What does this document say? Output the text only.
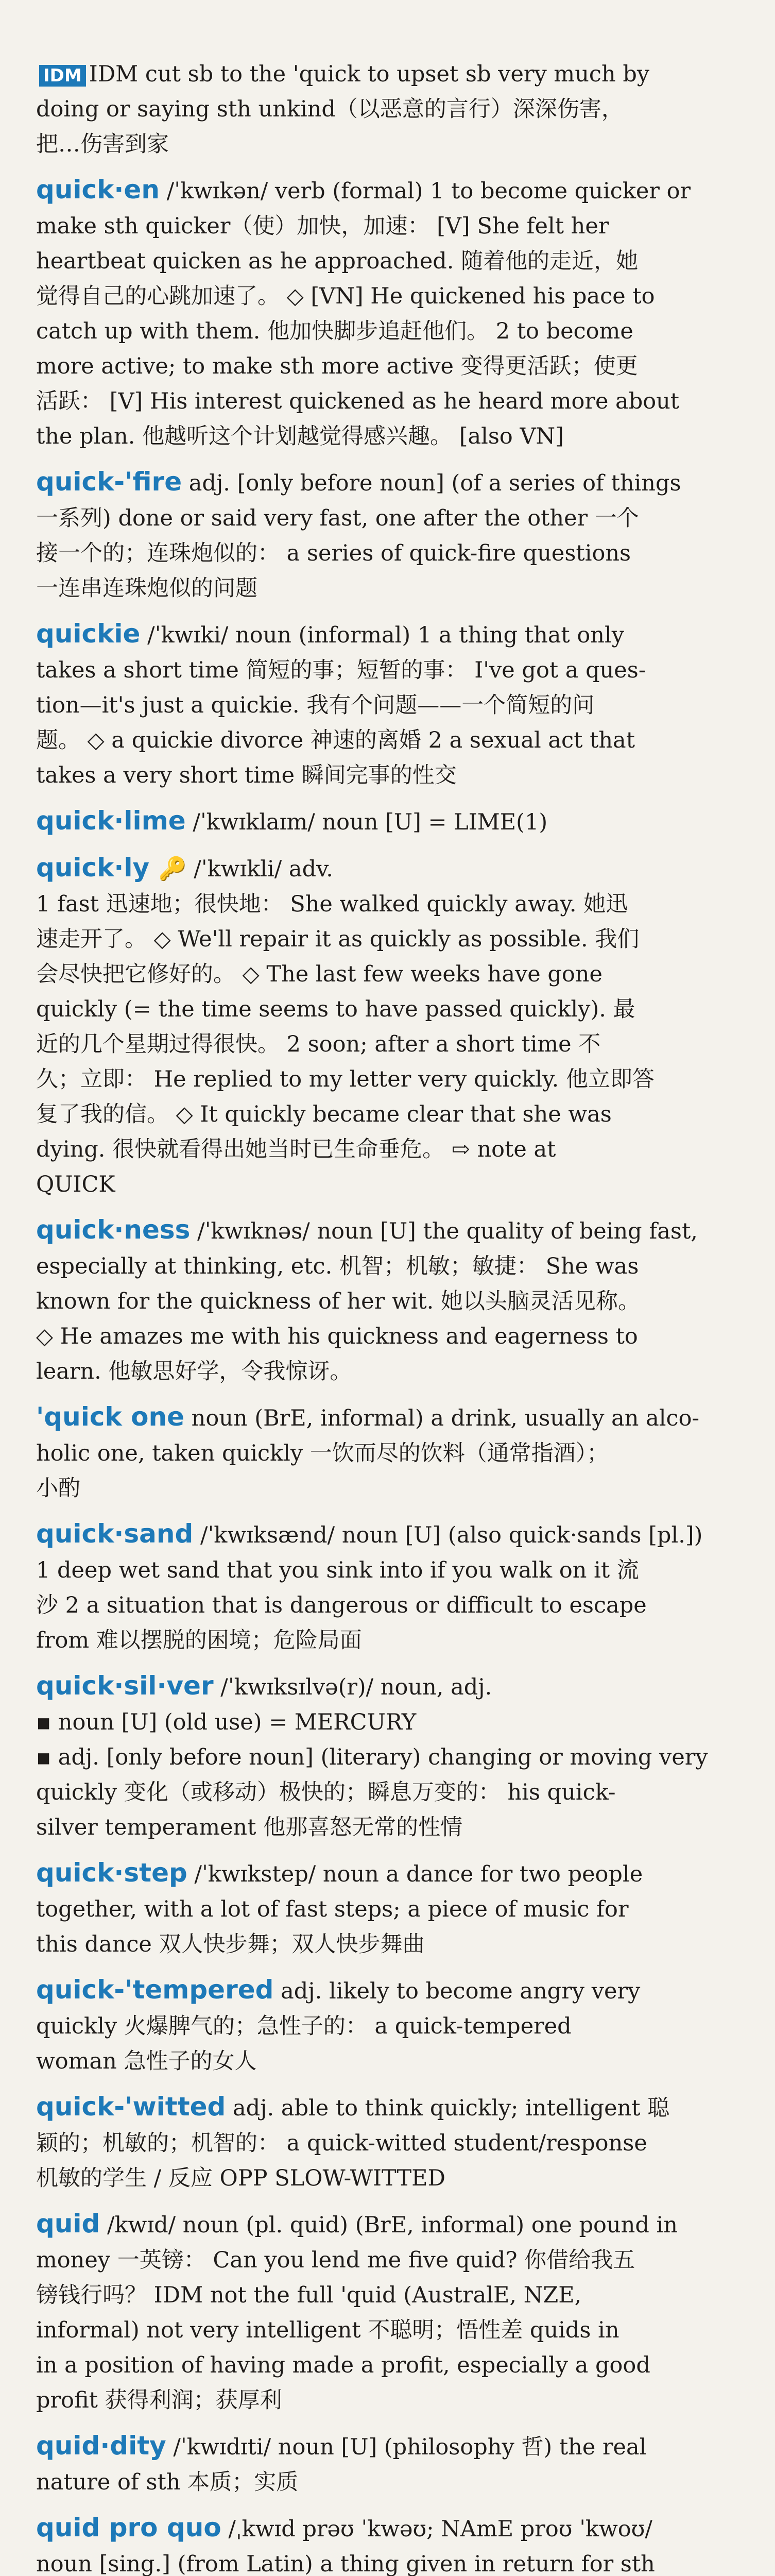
IDM IDM cut sb to the 'quick to upset sb very much by
doing or saying sth unkind（以恶意的言行）深深伤害，
把…伤害到家
quick·en /ˈkwɪkən/ verb (formal) 1 to become quicker or
make sth quicker（使）加快，加速： [V] She felt her
heartbeat quicken as he approached. 随着他的走近，她
觉得自己的心跳加速了。 ◇ [VN] He quickened his pace to
catch up with them. 他加快脚步追赶他们。 2 to become
more active; to make sth more active 变得更活跃；使更
活跃： [V] His interest quickened as he heard more about
the plan. 他越听这个计划越觉得感兴趣。 [also VN]
quick-'fire adj. [only before noun] (of a series of things
一系列) done or said very fast, one after the other 一个
接一个的；连珠炮似的： a series of quick-fire questions
一连串连珠炮似的问题
quickie /ˈkwɪki/ noun (informal) 1 a thing that only
takes a short time 简短的事；短暂的事： I've got a ques-
tion—it's just a quickie. 我有个问题——一个简短的问
题。 ◇ a quickie divorce 神速的离婚 2 a sexual act that
takes a very short time 瞬间完事的性交
quick·lime /ˈkwɪklaɪm/ noun [U] = LIME(1)
quick·ly 🔑 /ˈkwɪkli/ adv.
1 fast 迅速地；很快地： She walked quickly away. 她迅
速走开了。 ◇ We'll repair it as quickly as possible. 我们
会尽快把它修好的。 ◇ The last few weeks have gone
quickly (= the time seems to have passed quickly). 最
近的几个星期过得很快。 2 soon; after a short time 不
久；立即： He replied to my letter very quickly. 他立即答
复了我的信。 ◇ It quickly became clear that she was
dying. 很快就看得出她当时已生命垂危。 ⇨ note at
QUICK
quick·ness /ˈkwɪknəs/ noun [U] the quality of being fast,
especially at thinking, etc. 机智；机敏；敏捷： She was
known for the quickness of her wit. 她以头脑灵活见称。
◇ He amazes me with his quickness and eagerness to
learn. 他敏思好学，令我惊讶。
'quick one noun (BrE, informal) a drink, usually an alco-
holic one, taken quickly 一饮而尽的饮料（通常指酒）；
小酌
quick·sand /ˈkwɪksænd/ noun [U] (also quick·sands [pl.])
1 deep wet sand that you sink into if you walk on it 流
沙 2 a situation that is dangerous or difficult to escape
from 难以摆脱的困境；危险局面
quick·sil·ver /ˈkwɪksɪlvə(r)/ noun, adj.
▪ noun [U] (old use) = MERCURY
▪ adj. [only before noun] (literary) changing or moving very
quickly 变化（或移动）极快的；瞬息万变的： his quick-
silver temperament 他那喜怒无常的性情
quick·step /ˈkwɪkstep/ noun a dance for two people
together, with a lot of fast steps; a piece of music for
this dance 双人快步舞；双人快步舞曲
quick-'tempered adj. likely to become angry very
quickly 火爆脾气的；急性子的： a quick-tempered
woman 急性子的女人
quick-'witted adj. able to think quickly; intelligent 聪
颖的；机敏的；机智的： a quick-witted student/response
机敏的学生 / 反应 OPP SLOW-WITTED
quid /kwɪd/ noun (pl. quid) (BrE, informal) one pound in
money 一英镑： Can you lend me five quid? 你借给我五
镑钱行吗？ IDM not the full 'quid (AustralE, NZE,
informal) not very intelligent 不聪明；悟性差 quids in
in a position of having made a profit, especially a good
profit 获得利润；获厚利
quid·dity /ˈkwɪdɪti/ noun [U] (philosophy 哲) the real
nature of sth 本质；实质
quid pro quo /ˌkwɪd prəʊ ˈkwəʊ; NAmE proʊ ˈkwoʊ/
noun [sing.] (from Latin) a thing given in return for sth
